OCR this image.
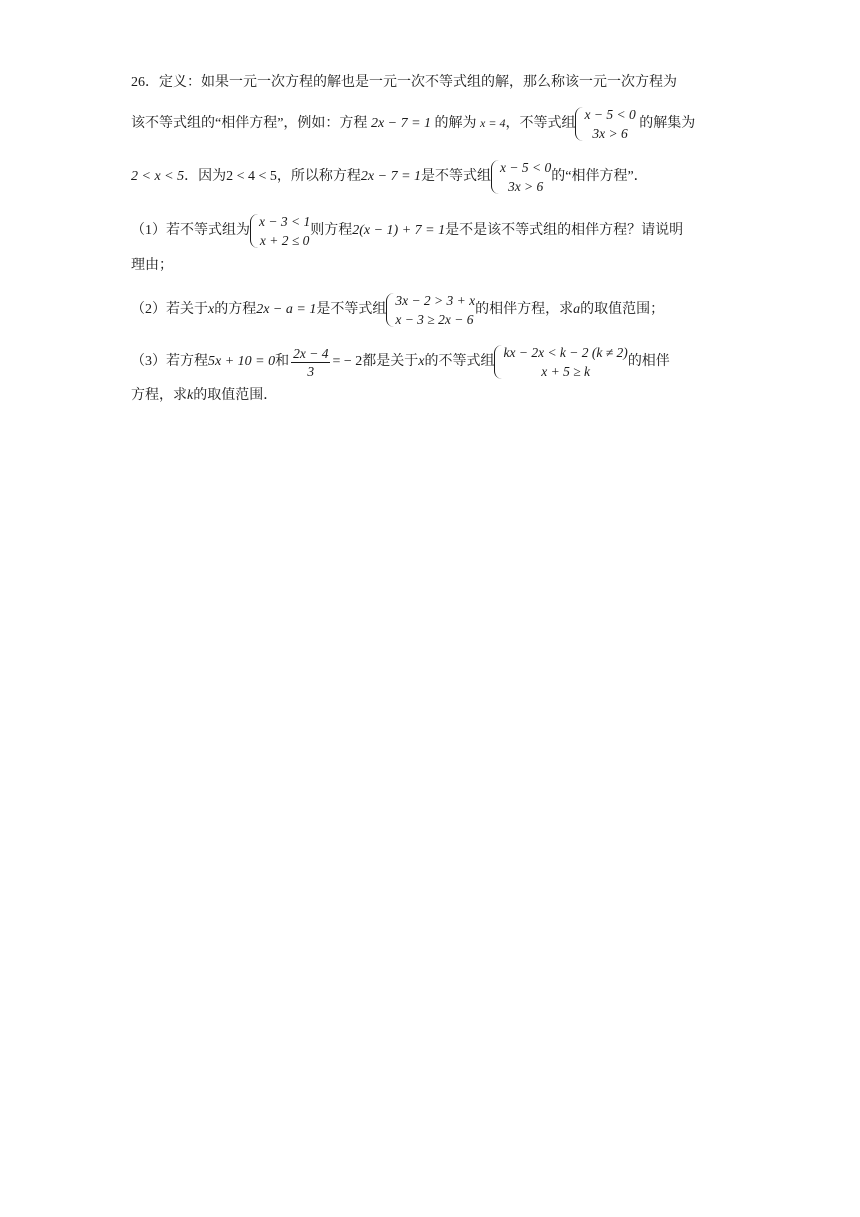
26．定义：如果一元一次方程的解也是一元一次不等式组的解，那么称该一元一次方程为
该不等式组的“相伴方程”，例如：方程 2x − 7 = 1 的解为 x = 4，不等式组
x − 5 < 0
3x > 6
的解集为
2 < x < 5．因为2 < 4 < 5，所以称方程2x − 7 = 1是不等式组
x − 5 < 0
3x > 6
的“相伴方程”．
（1）若不等式组为
x − 3 < 1
x + 2 ≤ 0
则方程2(x − 1) + 7 = 1是不是该不等式组的相伴方程？请说明
理由；
（2）若关于x的方程2x − a = 1是不等式组
3x − 2 > 3 + x
x − 3 ≥ 2x − 6
的相伴方程，求a的取值范围；
（3）若方程5x + 10 = 0和 $\frac{2x - 4}{3}$ = − 2都是关于x的不等式组
kx − 2x < k − 2 (k ≠ 2)
x + 5 ≥ k
的相伴
方程，求k的取值范围．
